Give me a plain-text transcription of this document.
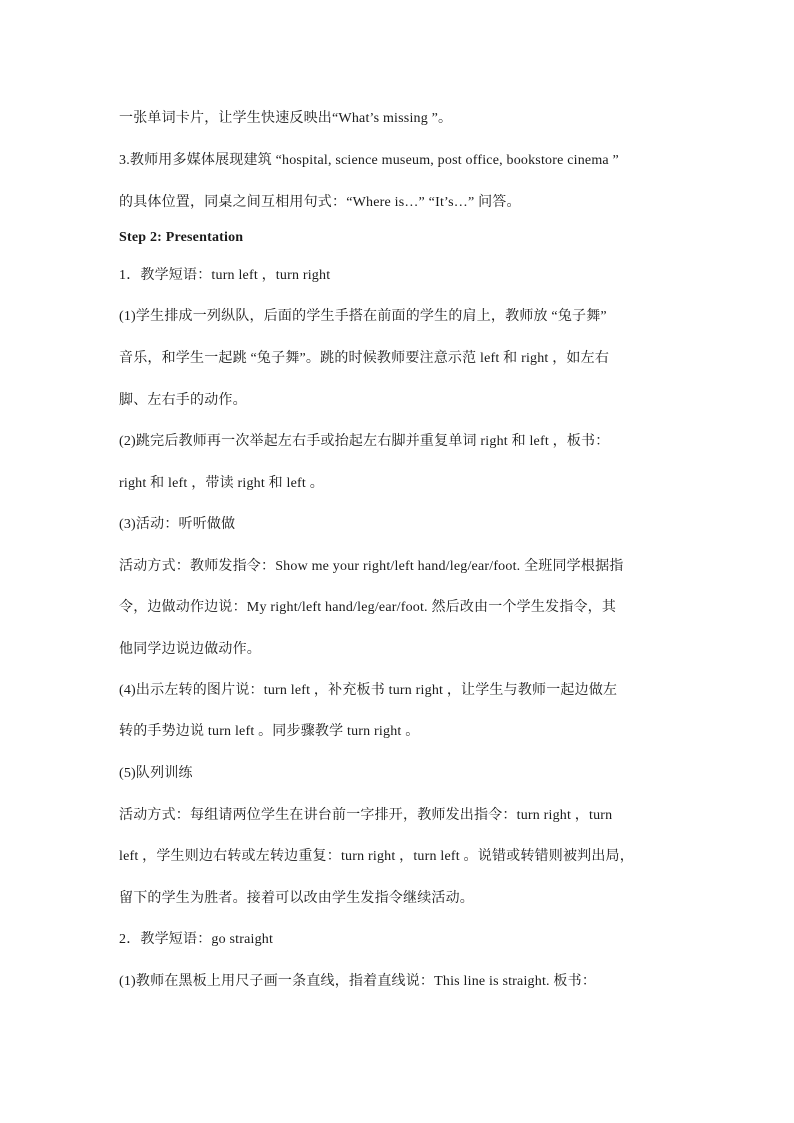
一张单词卡片，让学生快速反映出“What’s missing ”。
3.教师用多媒体展现建筑 “hospital, science museum, post office, bookstore cinema ”
的具体位置，同桌之间互相用句式：“Where is…” “It’s…” 问答。
Step 2: Presentation
1．教学短语：turn left ，turn right
(1)学生排成一列纵队，后面的学生手搭在前面的学生的肩上，教师放 “兔子舞”
音乐，和学生一起跳 “兔子舞”。跳的时候教师要注意示范 left 和 right ，如左右
脚、左右手的动作。
(2)跳完后教师再一次举起左右手或抬起左右脚并重复单词 right 和 left ，板书：
right 和 left ，带读 right 和 left 。
(3)活动：听听做做
活动方式：教师发指令：Show me your right/left hand/leg/ear/foot. 全班同学根据指
令，边做动作边说：My right/left hand/leg/ear/foot. 然后改由一个学生发指令，其
他同学边说边做动作。
(4)出示左转的图片说：turn left ，补充板书 turn right ，让学生与教师一起边做左
转的手势边说 turn left 。同步骤教学 turn right 。
(5)队列训练
活动方式：每组请两位学生在讲台前一字排开，教师发出指令：turn right ，turn
left ，学生则边右转或左转边重复：turn right ，turn left 。说错或转错则被判出局，
留下的学生为胜者。接着可以改由学生发指令继续活动。
2．教学短语：go straight
(1)教师在黑板上用尺子画一条直线，指着直线说：This line is straight. 板书：
